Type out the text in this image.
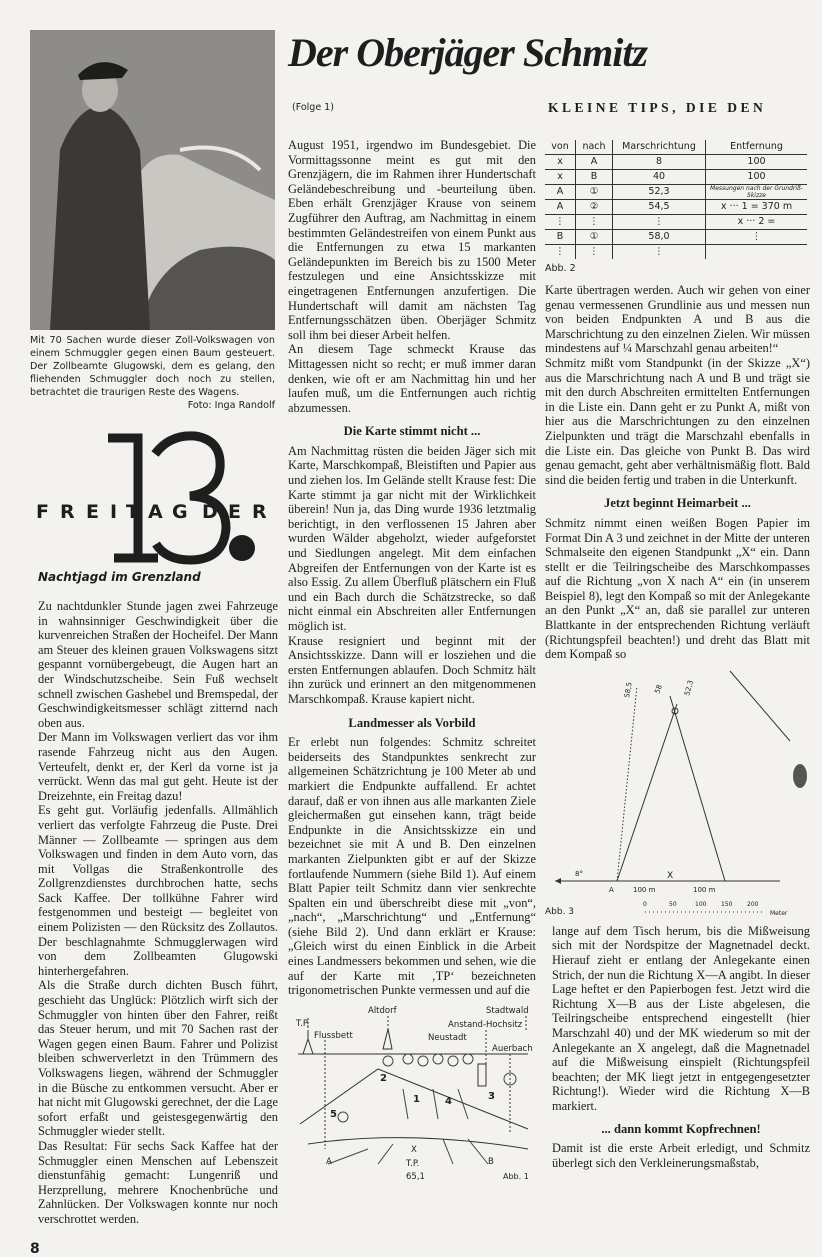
Mit 70 Sachen wurde dieser Zoll-Volkswagen von einem Schmuggler gegen einen Baum gesteuert. Der Zollbeamte Glugowski, dem es gelang, den fliehenden Schmuggler doch noch zu stellen, betrachtet die traurigen Reste des Wagens.
Foto: Inga Randolf
F R E I T A G D E R
Nachtjagd im Grenzland

Zu nachtdunkler Stunde jagen zwei Fahrzeuge in wahnsinniger Geschwindigkeit über die kurvenreichen Straßen der Hocheifel. Der Mann am Steuer des kleinen grauen Volkswagens sitzt gespannt vornübergebeugt, die Augen hart an der Windschutzscheibe. Sein Fuß wechselt schnell zwischen Gashebel und Bremspedal, der Geschwindigkeitsmesser schlägt zitternd nach oben aus.

Der Mann im Volkswagen verliert das vor ihm rasende Fahrzeug nicht aus den Augen. Verteufelt, denkt er, der Kerl da vorne ist ja verrückt. Wenn das mal gut geht. Heute ist der Dreizehnte, ein Freitag dazu!

Es geht gut. Vorläufig jedenfalls. Allmählich verliert das verfolgte Fahrzeug die Puste. Drei Männer — Zollbeamte — springen aus dem Volkswagen und finden in dem Auto vorn, das mit Vollgas die Straßenkontrolle des Zollgrenzdienstes durchbrochen hatte, sechs Sack Kaffee. Der tollkühne Fahrer wird festgenommen und besteigt — begleitet von einem Polizisten — den Rücksitz des Zollautos. Der beschlagnahmte Schmugglerwagen wird von dem Zollbeamten Glugowski hinterhergefahren.

Als die Straße durch dichten Busch führt, geschieht das Unglück: Plötzlich wirft sich der Schmuggler von hinten über den Fahrer, reißt das Steuer herum, und mit 70 Sachen rast der Wagen gegen einen Baum. Fahrer und Polizist bleiben schwerverletzt in den Trümmern des Volkswagens liegen, während der Schmuggler in die Büsche zu entkommen versucht. Aber er hat nicht mit Glugowski gerechnet, der die Lage sofort erfaßt und geistesgegenwärtig den Schmuggler wieder stellt.

Das Resultat: Für sechs Sack Kaffee hat der Schmuggler einen Menschen auf Lebenszeit dienstunfähig gemacht: Lungenriß und Herzprellung, mehrere Knochenbrüche und Zahnlücken. Der Volkswagen konnte nur noch verschrottet werden.

8
Der Oberjäger Schmitz
(Folge 1)	KLEINE TIPS, DIE DEN

August 1951, irgendwo im Bundesgebiet. Die Vormittagssonne meint es gut mit den Grenzjägern, die im Rahmen ihrer Hundertschaft Geländebeschreibung und -beurteilung üben. Eben erhält Grenzjäger Krause von seinem Zugführer den Auftrag, am Nachmittag in einem bestimmten Geländestreifen von einem Punkt aus die Entfernungen zu etwa 15 markanten Geländepunkten im Bereich bis zu 1500 Meter festzulegen und eine Ansichtsskizze mit eingetragenen Entfernungen anzufertigen. Die Hundertschaft will damit am nächsten Tag Entfernungsschätzen üben. Oberjäger Schmitz soll ihm bei dieser Arbeit helfen.

An diesem Tage schmeckt Krause das Mittagessen nicht so recht; er muß immer daran denken, wie oft er am Nachmittag hin und her laufen muß, um die Entfernungen auch richtig abzumessen.

Die Karte stimmt nicht ...

Am Nachmittag rüsten die beiden Jäger sich mit Karte, Marschkompaß, Bleistiften und Papier aus und ziehen los. Im Gelände stellt Krause fest: Die Karte stimmt ja gar nicht mit der Wirklichkeit überein! Nun ja, das Ding wurde 1936 letztmalig berichtigt, in den verflossenen 15 Jahren aber wurden Wälder abgeholzt, wieder aufgeforstet und Siedlungen angelegt. Mit dem einfachen Abgreifen der Entfernungen von der Karte ist es also Essig. Zu allem Überfluß plätschern ein Fluß und ein Bach durch die Schätzstrecke, so daß nicht einmal ein Abschreiten aller Entfernungen möglich ist.

Krause resigniert und beginnt mit der Ansichtsskizze. Dann will er losziehen und die ersten Entfernungen ablaufen. Doch Schmitz hält ihn zurück und erinnert an den mitgenommenen Marschkompaß. Krause kapiert nicht.

Landmesser als Vorbild

Er erlebt nun folgendes: Schmitz schreitet beiderseits des Standpunktes senkrecht zur allgemeinen Schätzrichtung je 100 Meter ab und markiert die Endpunkte auffallend. Er achtet darauf, daß er von ihnen aus alle markanten Ziele gleichermaßen gut einsehen kann, trägt beide Endpunkte in die Ansichtsskizze ein und bezeichnet sie mit A und B. Den einzelnen markanten Zielpunkten gibt er auf der Skizze fortlaufende Nummern (siehe Bild 1). Auf einem Blatt Papier teilt Schmitz dann vier senkrechte Spalten ein und überschreibt diese mit „von“, „nach“, „Marschrichtung“ und „Entfernung“ (siehe Bild 2). Und dann erklärt er Krause: „Gleich wirst du einen Einblick in die Arbeit eines Landmessers bekommen und sehen, wie die auf der Karte mit ‚TP‘ bezeichneten trigonometrischen Punkte vermessen und auf die

T.P.
Altdorf
Flussbett
Stadtwald
Anstand-Hochsitz
Neustadt
Auerbach
1
2
3
4
5
A	B
X
T.P.
65,1	Abb. 1
von	nach	Marschrichtung	Entfernung
x	A	8	100
x	B	40	100
A	①	52,3	Messungen nach der Grundriß-Skizze
A	②	54,5	x ··· 1 = 370 m
⋮	⋮	⋮	x ··· 2 =
B	①	58,0	⋮
⋮	⋮	⋮	
Abb. 2

Karte übertragen werden. Auch wir gehen von einer genau vermessenen Grundlinie aus und messen nun von beiden Endpunkten A und B aus die Marschrichtung zu den einzelnen Zielen. Wir müssen mindestens auf ¼ Marschzahl genau arbeiten!“

Schmitz mißt vom Standpunkt (in der Skizze „X“) aus die Marschrichtung nach A und B und trägt sie mit den durch Abschreiten ermittelten Entfernungen in die Liste ein. Dann geht er zu Punkt A, mißt von hier aus die Marschrichtungen zu den einzelnen Zielpunkten und trägt die Marschzahl ebenfalls in die Liste ein. Das gleiche von Punkt B. Das wird genau gemacht, geht aber verhältnismäßig flott. Bald sind die beiden fertig und traben in die Unterkunft.

Jetzt beginnt Heimarbeit ...

Schmitz nimmt einen weißen Bogen Papier im Format Din A 3 und zeichnet in der Mitte der unteren Schmalseite den eigenen Standpunkt „X“ ein. Dann stellt er die Teilringscheibe des Marschkompasses auf die Richtung „von X nach A“ ein (in unserem Beispiel 8), legt den Kompaß so mit der Anlegekante an den Punkt „X“ an, daß sie parallel zur unteren Blattkante in der entsprechenden Richtung verläuft (Richtungspfeil beachten!) und dreht das Blatt mit dem Kompaß so

58,5	58	52,3
8°
A
X
100 m	100 m
Abb. 3
0	50	100 150 200
Meter

lange auf dem Tisch herum, bis die Mißweisung sich mit der Nordspitze der Magnetnadel deckt. Hierauf zieht er entlang der Anlegekante einen Strich, der nun die Richtung X—A angibt. In dieser Lage heftet er den Papierbogen fest. Jetzt wird die Richtung X—B aus der Liste abgelesen, die Teilringscheibe entsprechend eingestellt (hier Marschzahl 40) und der MK wiederum so mit der Anlegekante an X angelegt, daß die Magnetnadel auf die Mißweisung einspielt (Richtungspfeil beachten; der MK liegt jetzt in entgegengesetzter Richtung!). Wieder wird die Richtung X—B markiert.

... dann kommt Kopfrechnen!

Damit ist die erste Arbeit erledigt, und Schmitz überlegt sich den Verkleinerungsmaßstab,
